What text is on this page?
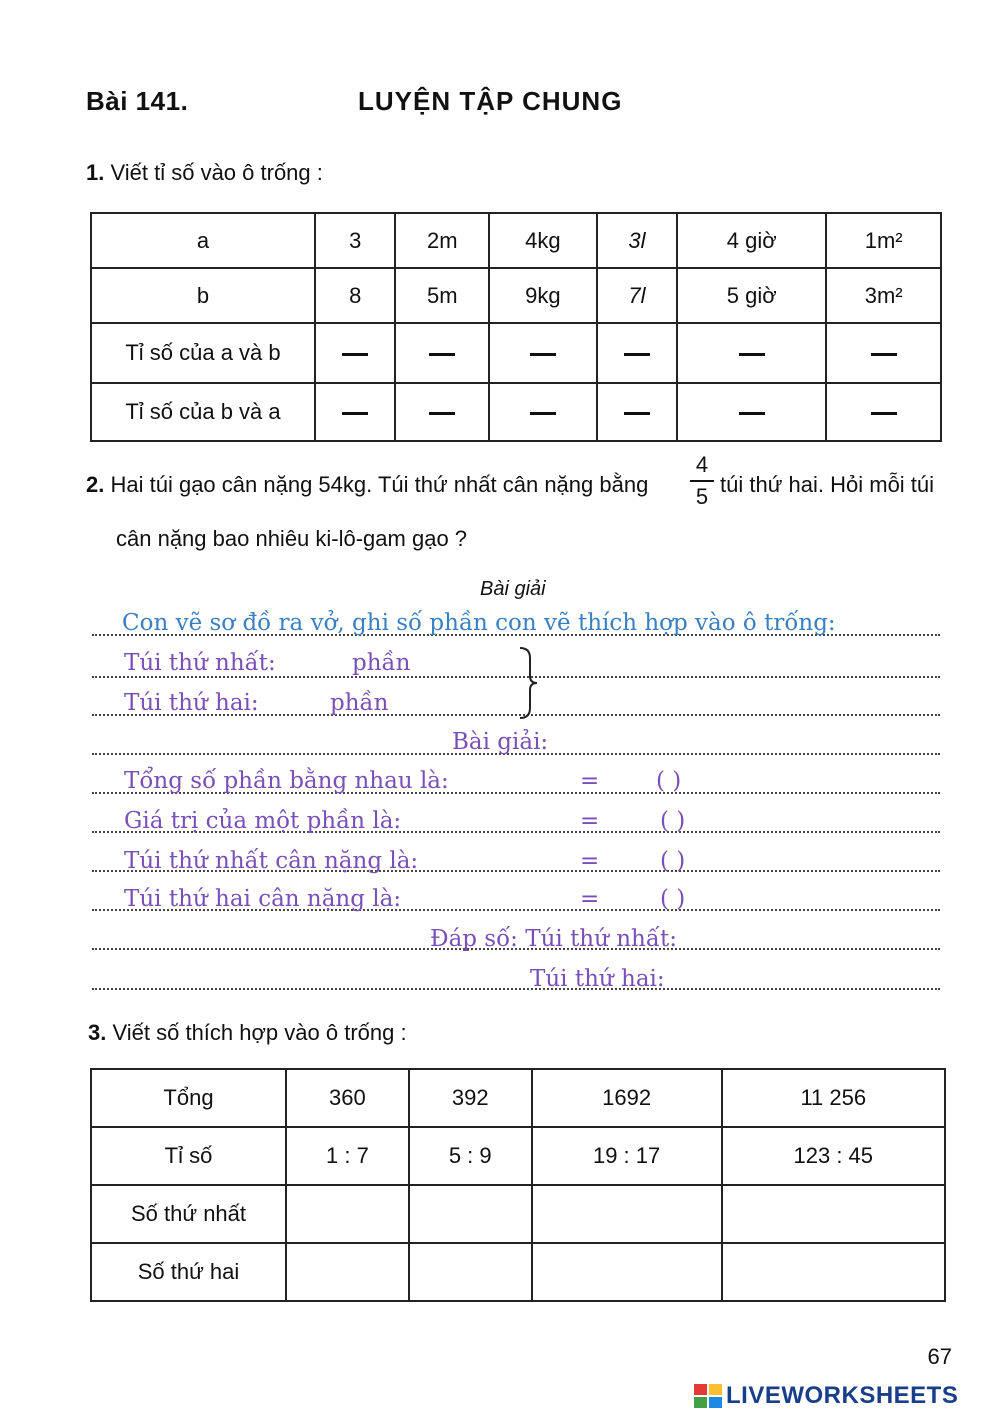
Bài 141.	LUYỆN TẬP CHUNG
1. Viết tỉ số vào ô trống :
a	3	2m	4kg	3l	4 giờ	1m²
b	8	5m	9kg	7l	5 giờ	3m²
Tỉ số của a và b						
Tỉ số của b và a						
2. Hai túi gạo cân nặng 54kg. Túi thứ nhất cân nặng bằng
4
5 túi thứ hai. Hỏi mỗi túi
cân nặng bao nhiêu ki-lô-gam gạo ?
Bài giải
Con vẽ sơ đồ ra vở, ghi số phần con vẽ thích hợp vào ô trống:
Túi thứ nhất:	phần
Túi thứ hai:	phần
Bài giải:
Tổng số phần bằng nhau là:	= ( )
Giá trị của một phần là:	=	( )
Túi thứ nhất cân nặng là:	=	( )
Túi thứ hai cân nặng là:	=	( )
Đáp số: Túi thứ nhất:
Túi thứ hai:
3. Viết số thích hợp vào ô trống :
Tổng	360	392	1692	11 256
Tỉ số	1 : 7	5 : 9	19 : 17	123 : 45
Số thứ nhất				
Số thứ hai				
67
LIVEWORKSHEETS
